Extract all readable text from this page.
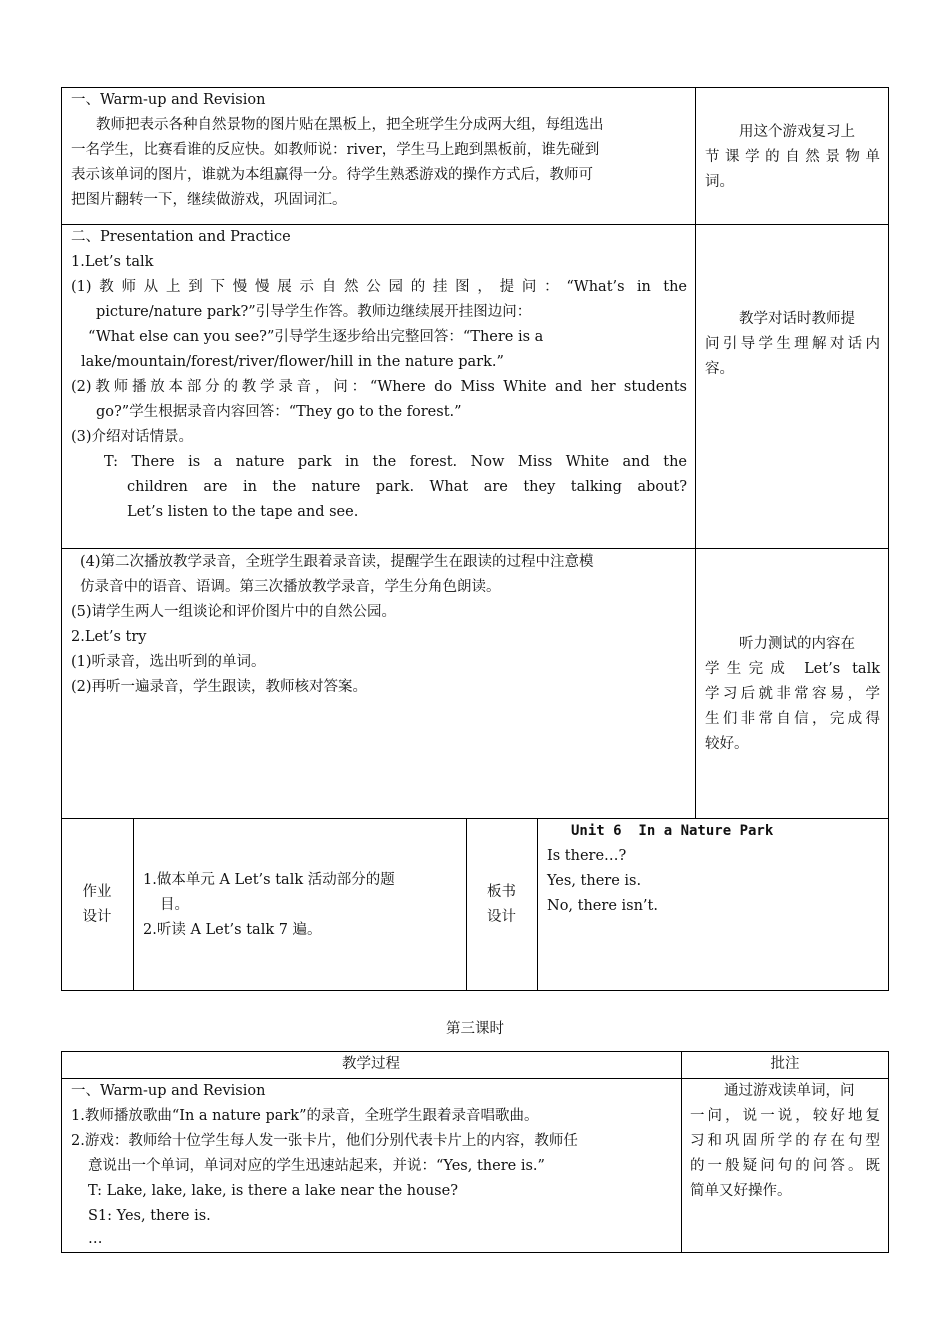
一、Warm-up and Revision
教师把表示各种自然景物的图片贴在黑板上，把全班学生分成两大组，每组选出
一名学生，比赛看谁的反应快。如教师说：river，学生马上跑到黑板前，谁先碰到
表示该单词的图片，谁就为本组赢得一分。待学生熟悉游戏的操作方式后，教师可
把图片翻转一下，继续做游戏，巩固词汇。
用这个游戏复习上
节课学的自然景物单
词。
二、Presentation and Practice
1.Let’s talk
(1)教师从上到下慢慢展示自然公园的挂图，提问：“What’s in the
picture/nature park?”引导学生作答。教师边继续展开挂图边问：
“What else can you see?”引导学生逐步给出完整回答：“There is a
lake/mountain/forest/river/flower/hill in the nature park.”
(2)教师播放本部分的教学录音，问：“Where do Miss White and her students
go?”学生根据录音内容回答：“They go to the forest.”
(3)介绍对话情景。
T: There is a nature park in the forest. Now Miss White and the
children are in the nature park. What are they talking about?
Let’s listen to the tape and see.
教学对话时教师提
问引导学生理解对话内
容。
(4)第二次播放教学录音，全班学生跟着录音读，提醒学生在跟读的过程中注意模
仿录音中的语音、语调。第三次播放教学录音，学生分角色朗读。
(5)请学生两人一组谈论和评价图片中的自然公园。
2.Let’s try
(1)听录音，选出听到的单词。
(2)再听一遍录音，学生跟读，教师核对答案。
听力测试的内容在
学生完成 Let’s talk
学习后就非常容易，学
生们非常自信，完成得
较好。
作业
设计
1.做本单元 A Let’s talk 活动部分的题
目。
2.听读 A Let’s talk 7 遍。
板书
设计
Unit 6  In a Nature Park
Is there…?
Yes, there is.
No, there isn’t.
第三课时
教学过程	批注
一、Warm-up and Revision
1.教师播放歌曲“In a nature park”的录音，全班学生跟着录音唱歌曲。
2.游戏：教师给十位学生每人发一张卡片，他们分别代表卡片上的内容，教师任
意说出一个单词，单词对应的学生迅速站起来，并说：“Yes, there is.”
T: Lake, lake, lake, is there a lake near the house?
S1: Yes, there is.
…
通过游戏读单词，问
一问，说一说，较好地复
习和巩固所学的存在句型
的一般疑问句的问答。既
简单又好操作。
